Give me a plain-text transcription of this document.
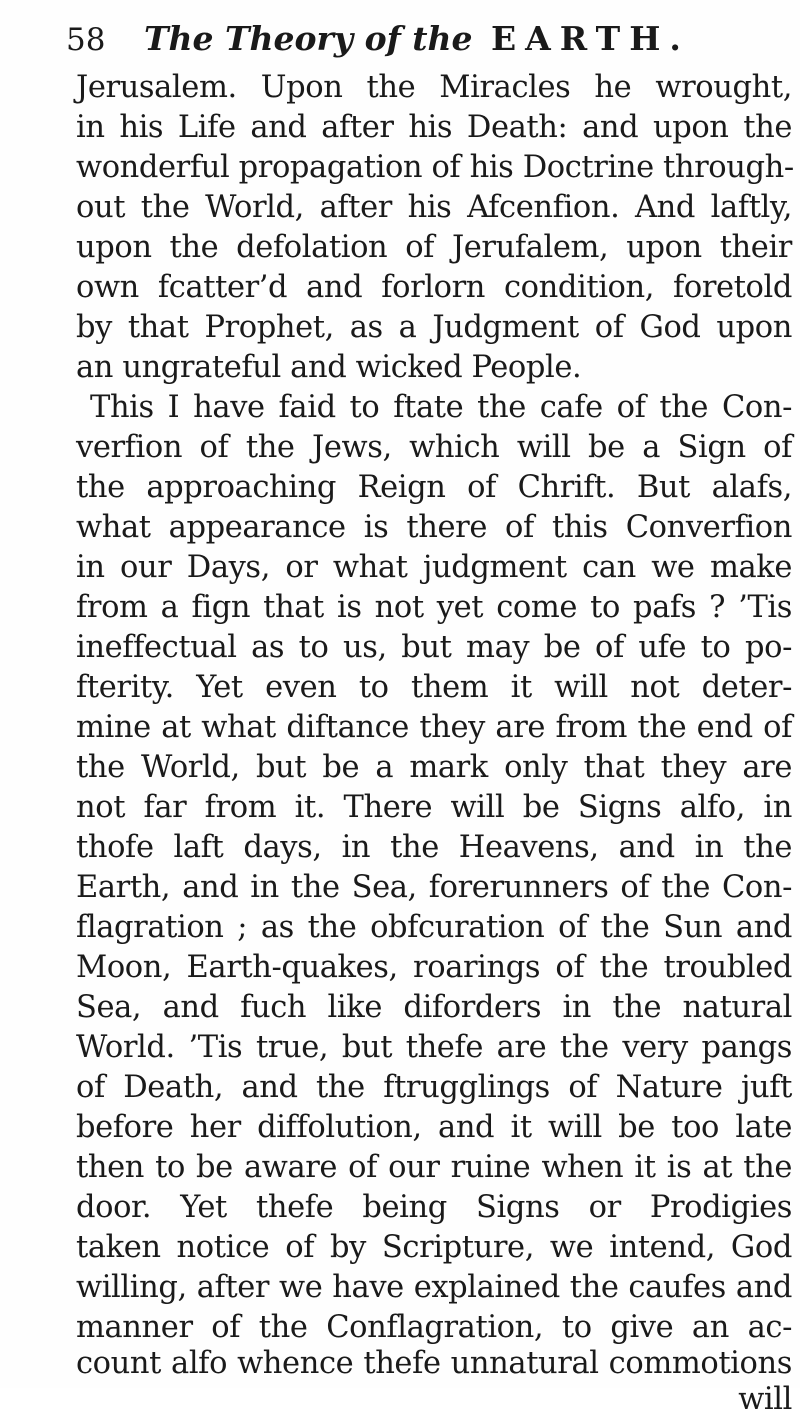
58 The Theory of the EARTH.
Jerusalem. Upon the Miracles he wrought,
in his Life and after his Death: and upon the
wonderful propagation of his Doctrine through-
out the World, after his Afcenfion. And laftly,
upon the defolation of Jerufalem, upon their
own fcatter’d and forlorn condition, foretold
by that Prophet, as a Judgment of God upon
an ungrateful and wicked People.
This I have faid to ftate the cafe of the Con-
verfion of the Jews, which will be a Sign of
the approaching Reign of Chrift. But alafs,
what appearance is there of this Converfion
in our Days, or what judgment can we make
from a fign that is not yet come to pafs ? ’Tis
ineffectual as to us, but may be of ufe to po-
fterity. Yet even to them it will not deter-
mine at what diftance they are from the end of
the World, but be a mark only that they are
not far from it. There will be Signs alfo, in
thofe laft days, in the Heavens, and in the
Earth, and in the Sea, forerunners of the Con-
flagration ; as the obfcuration of the Sun and
Moon, Earth-quakes, roarings of the troubled
Sea, and fuch like diforders in the natural
World. ’Tis true, but thefe are the very pangs
of Death, and the ftrugglings of Nature juft
before her diffolution, and it will be too late
then to be aware of our ruine when it is at the
door. Yet thefe being Signs or Prodigies
taken notice of by Scripture, we intend, God
willing, after we have explained the caufes and
manner of the Conflagration, to give an ac-
count alfo whence thefe unnatural commotions
will
